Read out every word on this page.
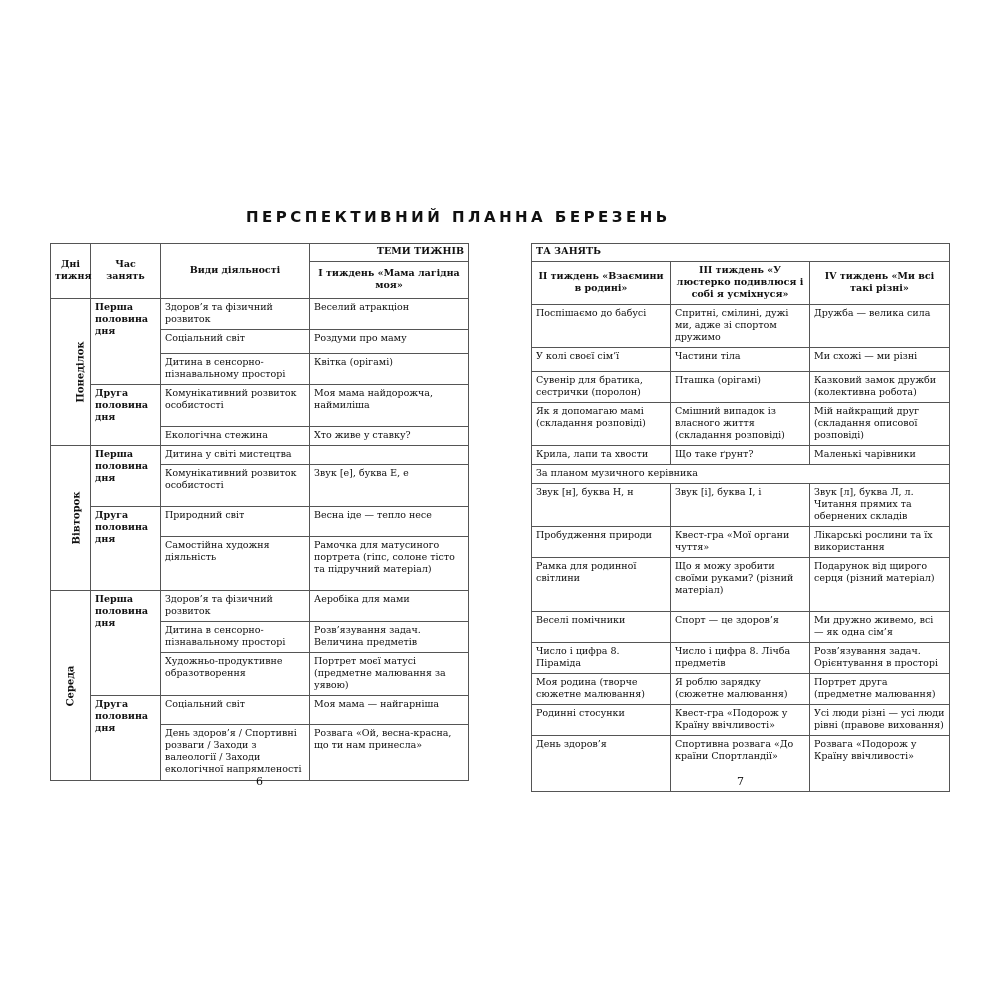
ПЕРСПЕКТИВНИЙ ПЛАН НА БЕРЕЗЕНЬ
Дні тижня	Час занять	Види діяльності	ТЕМИ ТИЖНІВ
			І тиждень «Мама лагідна моя»
Понеділок	Перша половина дня	Здоров’я та фізичний розвиток	Веселий атракціон
		Соціальний світ	Роздуми про маму
		Дитина в сенсорно-пізнавальному просторі	Квітка (орігамі)
	Друга половина дня	Комунікативний розвиток особистості	Моя мама найдорожча, наймиліша
		Екологічна стежина	Хто живе у ставку?
Вівторок	Перша половина дня	Дитина у світі мистецтва	
		Комунікативний розвиток особистості	Звук [е], буква Е, е
	Друга половина дня	Природний світ	Весна іде — тепло несе
		Самостійна художня діяльність	Рамочка для матусиного портрета (гіпс, солоне тісто та підручний матеріал)
Середа	Перша половина дня	Здоров’я та фізичний розвиток	Аеробіка для мами
		Дитина в сенсорно-пізнавальному просторі	Розв’язування задач. Величина предметів
		Художньо-продуктивне образотворення	Портрет моєї матусі (предметне малювання за уявою)
	Друга половина дня	Соціальний світ	Моя мама — найгарніша
		День здоров’я / Спортивні розваги / Заходи з валеології / Заходи екологічної напрямленості	Розвага «Ой, весна-красна, що ти нам принесла»
ТА ЗАНЯТЬ		
ІІ тиждень «Взаємини в родині»	ІІІ тиждень «У люстерко подивлюся і собі я усміхнуся»	IV тиждень «Ми всі такі різні»
Поспішаємо до бабусі	Спритні, смілині, дужі ми, адже зі спортом дружимо	Дружба — велика сила
У колі своєї сім’ї	Частини тіла	Ми схожі — ми різні
Сувенір для братика, сестрички (поролон)	Пташка (орігамі)	Казковий замок дружби (колективна робота)
Як я допомагаю мамі (складання розповіді)	Смішний випадок із власного життя (складання розповіді)	Мій найкращий друг (складання описової розповіді)
Крила, лапи та хвости	Що таке ґрунт?	Маленькі чарівники
За планом музичного керівника		
Звук [н], буква Н, н	Звук [і], буква І, і	Звук [л], буква Л, л. Читання прямих та обернених складів
Пробудження природи	Квест-гра «Мої органи чуття»	Лікарські рослини та їх використання
Рамка для родинної світлини	Що я можу зробити своїми руками? (різний матеріал)	Подарунок від щирого серця (різний матеріал)
Веселі помічники	Спорт — це здоров’я	Ми дружно живемо, всі — як одна сім’я
Число і цифра 8. Піраміда	Число і цифра 8. Лічба предметів	Розв’язування задач. Орієнтування в просторі
Моя родина (творче сюжетне малювання)	Я роблю зарядку (сюжетне малювання)	Портрет друга (предметне малювання)
Родинні стосунки	Квест-гра «Подорож у Країну ввічливості»	Усі люди різні — усі люди рівні (правове виховання)
День здоров’я	Спортивна розвага «До країни Спортландії»	Розвага «Подорож у Країну ввічливості»
6	7
